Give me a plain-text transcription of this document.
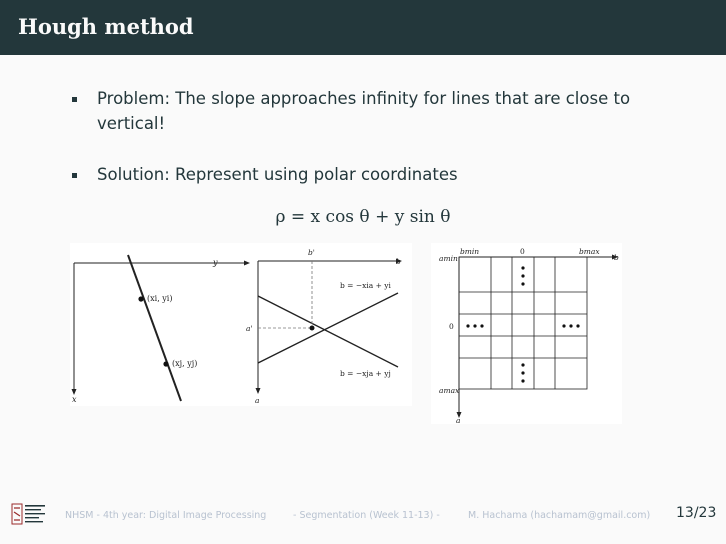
Hough method
Problem: The slope approaches infinity for lines that are close to vertical!
Solution: Represent using polar coordinates
ρ = x cos θ + y sin θ
y
x
(xi, yi)
(xj, yj)
b'
b
a'
a
b = −xia + yi
b = −xja + yj
bmin	0	bmax
b
amin
0
amax
a
NHSM - 4th year: Digital Image Processing	- Segmentation (Week 11-13) -	M. Hachama (hachamam@gmail.com) 13/23
